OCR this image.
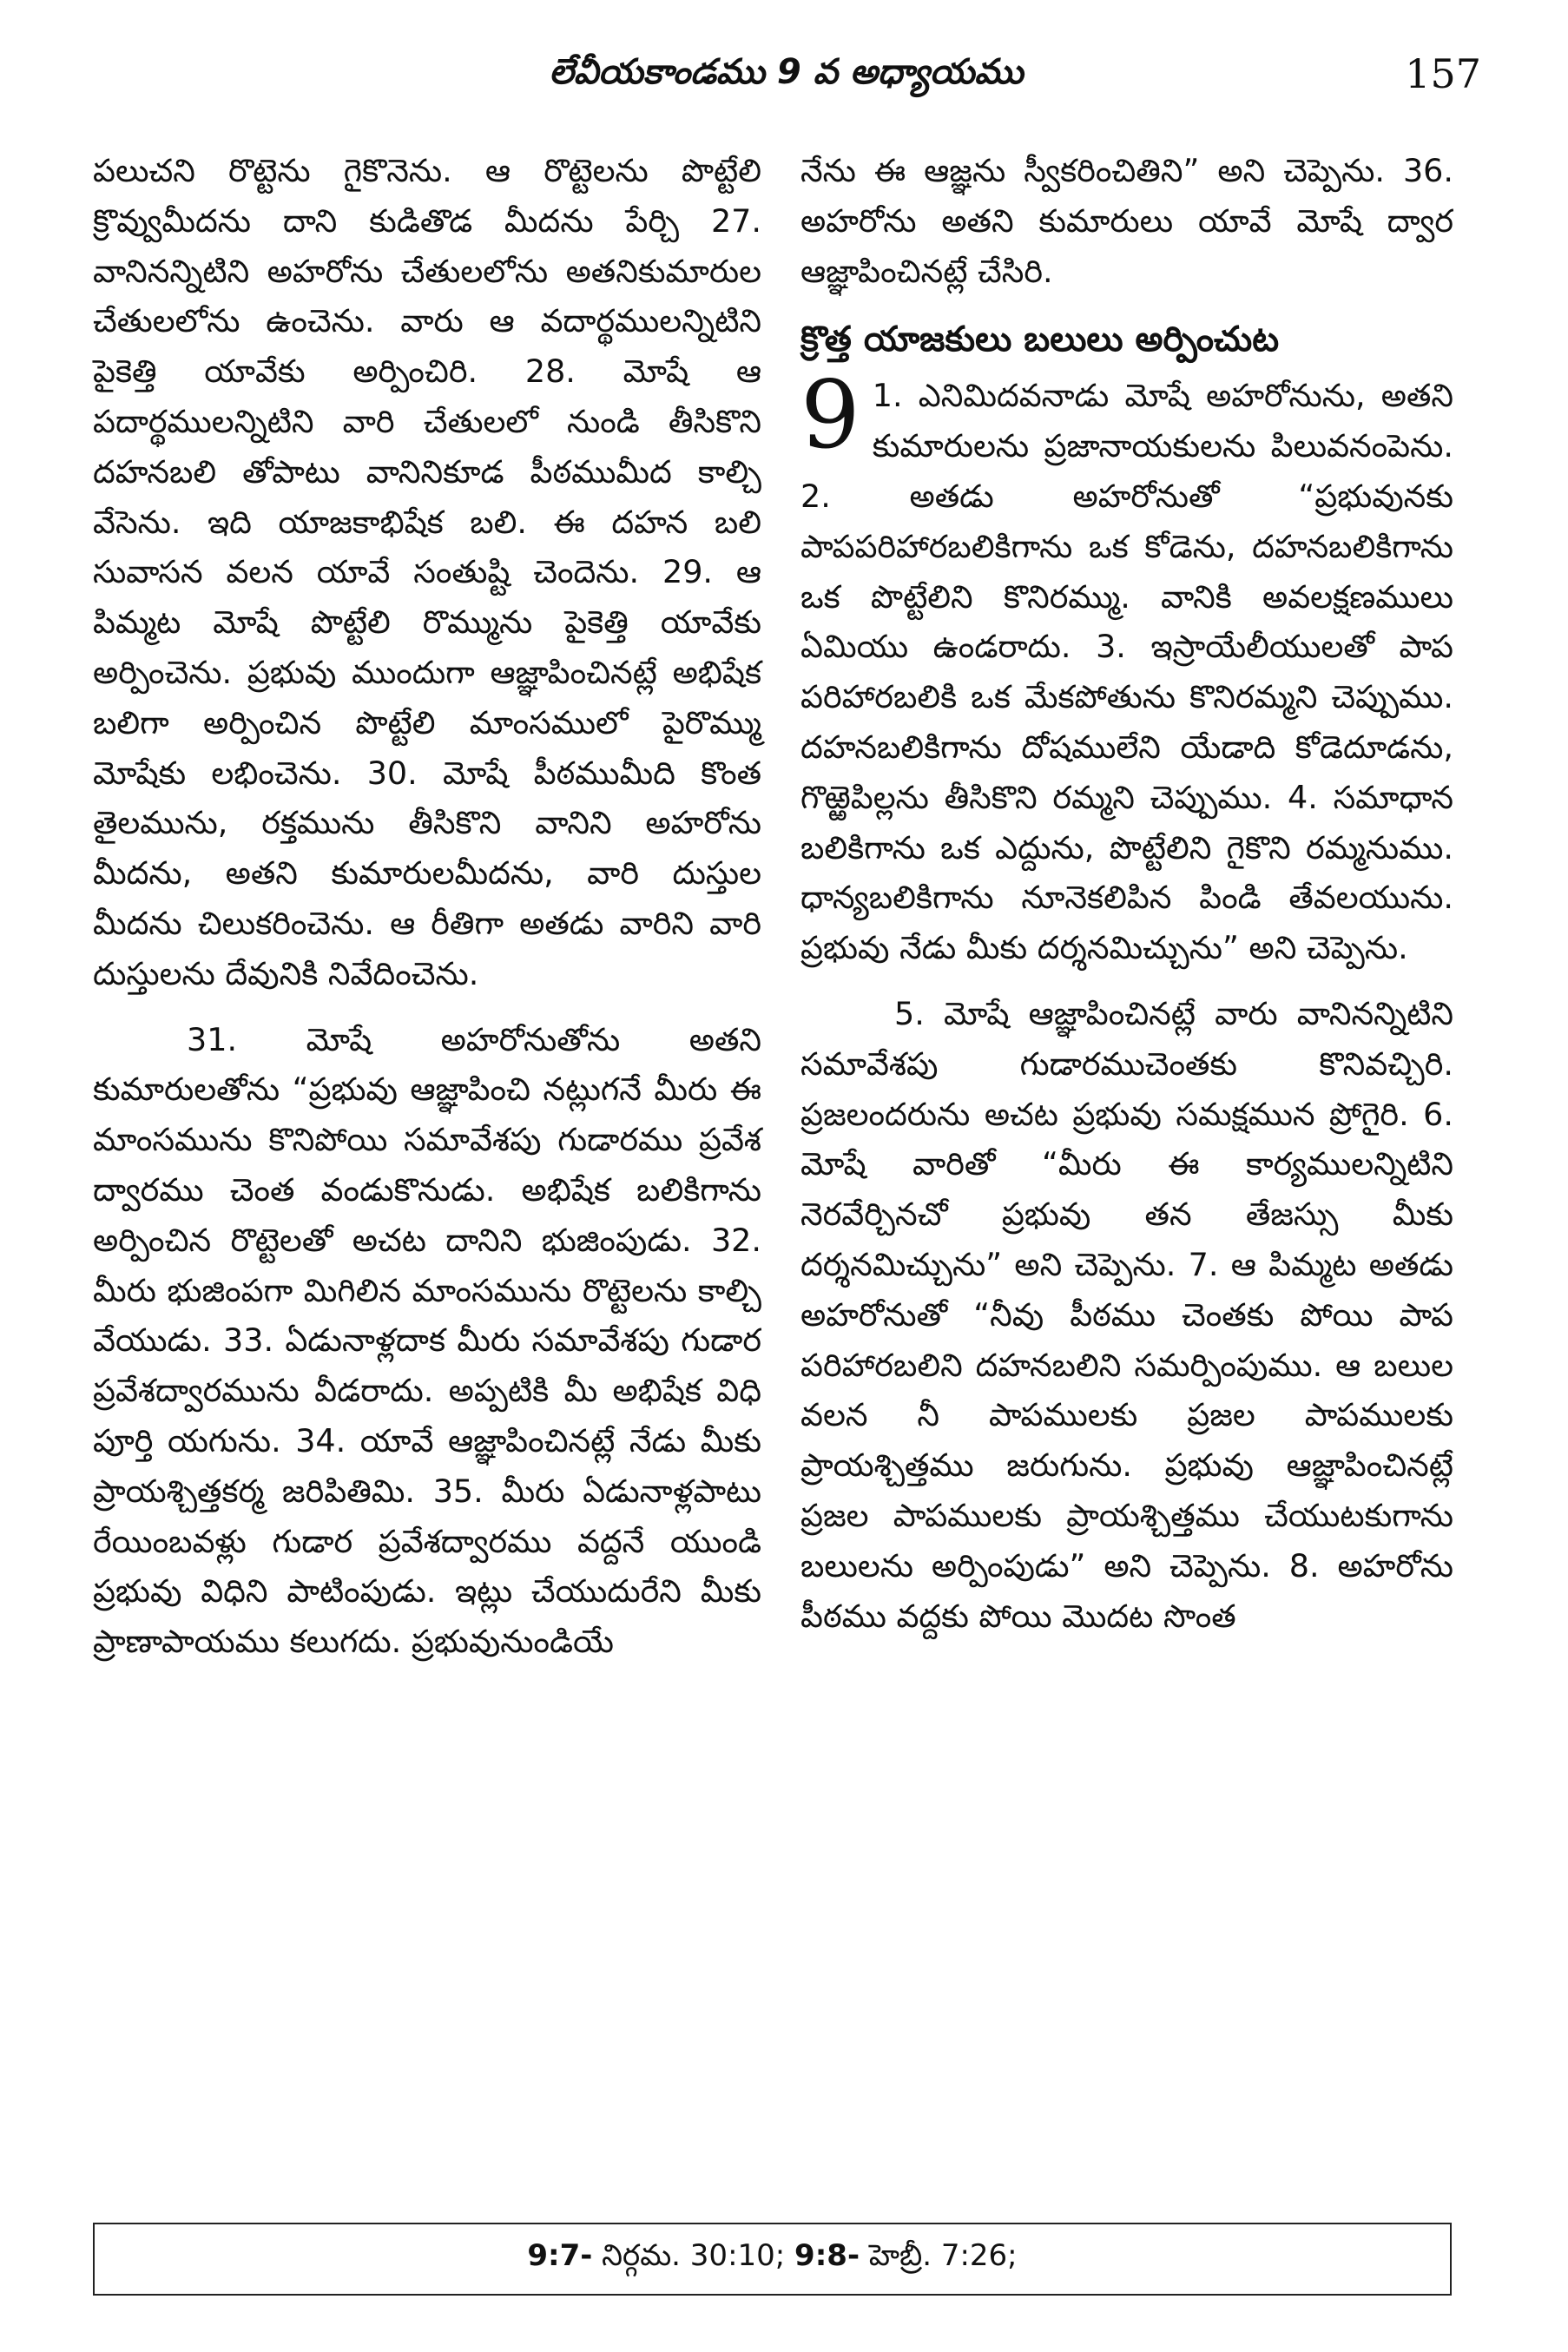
లేవీయకాండము 9 వ అధ్యాయము	157

పలుచని రొట్టెను గైకొనెను. ఆ రొట్టెలను పొట్టేలి క్రొవ్వుమీదను దాని కుడితొడ మీదను పేర్చి 27. వానినన్నిటిని అహరోను చేతులలోను అతనికుమారుల చేతులలోను ఉంచెను. వారు ఆ వదార్థములన్నిటిని పైకెత్తి యావేకు అర్పించిరి. 28. మోషే ఆ పదార్థములన్నిటిని వారి చేతులలో నుండి తీసికొని దహనబలి తోపాటు వానినికూడ పీఠముమీద కాల్చి వేసెను. ఇది యాజకాభిషేక బలి. ఈ దహన బలి సువాసన వలన యావే సంతుష్టి చెందెను. 29. ఆ పిమ్మట మోషే పొట్టేలి రొమ్మును పైకెత్తి యావేకు అర్పించెను. ప్రభువు ముందుగా ఆజ్ఞాపించినట్లే అభిషేక బలిగా అర్పించిన పొట్టేలి మాంసములో పైరొమ్ము మోషేకు లభించెను. 30. మోషే పీఠముమీది కొంత తైలమును, రక్తమును తీసికొని వానిని అహరోను మీదను, అతని కుమారులమీదను, వారి దుస్తుల మీదను చిలుకరించెను. ఆ రీతిగా అతడు వారిని వారి దుస్తులను దేవునికి నివేదించెను.

31. మోషే అహరోనుతోను అతని కుమారులతోను “ప్రభువు ఆజ్ఞాపించి నట్లుగనే మీరు ఈ మాంసమును కొనిపోయి సమావేశపు గుడారము ప్రవేశ ద్వారము చెంత వండుకొనుడు. అభిషేక బలికిగాను అర్పించిన రొట్టెలతో అచట దానిని భుజింపుడు. 32. మీరు భుజింపగా మిగిలిన మాంసమును రొట్టెలను కాల్చి వేయుడు. 33. ఏడునాళ్లదాక మీరు సమావేశపు గుడార ప్రవేశద్వారమును వీడరాదు. అప్పటికి మీ అభిషేక విధి పూర్తి యగును. 34. యావే ఆజ్ఞాపించినట్లే నేడు మీకు ప్రాయశ్చిత్తకర్మ జరిపితిమి. 35. మీరు ఏడునాళ్లపాటు రేయింబవళ్లు గుడార ప్రవేశద్వారము వద్దనే యుండి ప్రభువు విధిని పాటింపుడు. ఇట్లు చేయుదురేని మీకు ప్రాణాపాయము కలుగదు. ప్రభువునుండియే

నేను ఈ ఆజ్ఞను స్వీకరించితిని” అని చెప్పెను. 36. అహరోను అతని కుమారులు యావే మోషే ద్వార ఆజ్ఞాపించినట్లే చేసిరి.

క్రొత్త యాజకులు బలులు అర్పించుట

9 1. ఎనిమిదవనాడు మోషే అహరోనును, అతని కుమారులను ప్రజానాయకులను పిలువనంపెను. 2. అతడు అహరోనుతో “ప్రభువునకు పాపపరిహారబలికిగాను ఒక కోడెను, దహనబలికిగాను ఒక పొట్టేలిని కొనిరమ్ము. వానికి అవలక్షణములు ఏమియు ఉండరాదు. 3. ఇస్రాయేలీయులతో పాప పరిహారబలికి ఒక మేకపోతును కొనిరమ్మని చెప్పుము. దహనబలికిగాను దోషములేని యేడాది కోడెదూడను, గొఱ్ఱెపిల్లను తీసికొని రమ్మని చెప్పుము. 4. సమాధాన బలికిగాను ఒక ఎద్దును, పొట్టేలిని గైకొని రమ్మనుము. ధాన్యబలికిగాను నూనెకలిపిన పిండి తేవలయును. ప్రభువు నేడు మీకు దర్శనమిచ్చును” అని చెప్పెను.

5. మోషే ఆజ్ఞాపించినట్లే వారు వానినన్నిటిని సమావేశపు గుడారముచెంతకు కొనివచ్చిరి. ప్రజలందరును అచట ప్రభువు సమక్షమున ప్రోగైరి. 6. మోషే వారితో “మీరు ఈ కార్యములన్నిటిని నెరవేర్చినచో ప్రభువు తన తేజస్సు మీకు దర్శనమిచ్చును” అని చెప్పెను. 7. ఆ పిమ్మట అతడు అహరోనుతో “నీవు పీఠము చెంతకు పోయి పాప పరిహారబలిని దహనబలిని సమర్పింపుము. ఆ బలుల వలన నీ పాపములకు ప్రజల పాపములకు ప్రాయశ్చిత్తము జరుగును. ప్రభువు ఆజ్ఞాపించినట్లే ప్రజల పాపములకు ప్రాయశ్చిత్తము చేయుటకుగాను బలులను అర్పింపుడు” అని చెప్పెను. 8. అహరోను పీఠము వద్దకు పోయి మొదట సొంత

9:7- నిర్గమ. 30:10; 9:8- హెబ్రీ. 7:26;
